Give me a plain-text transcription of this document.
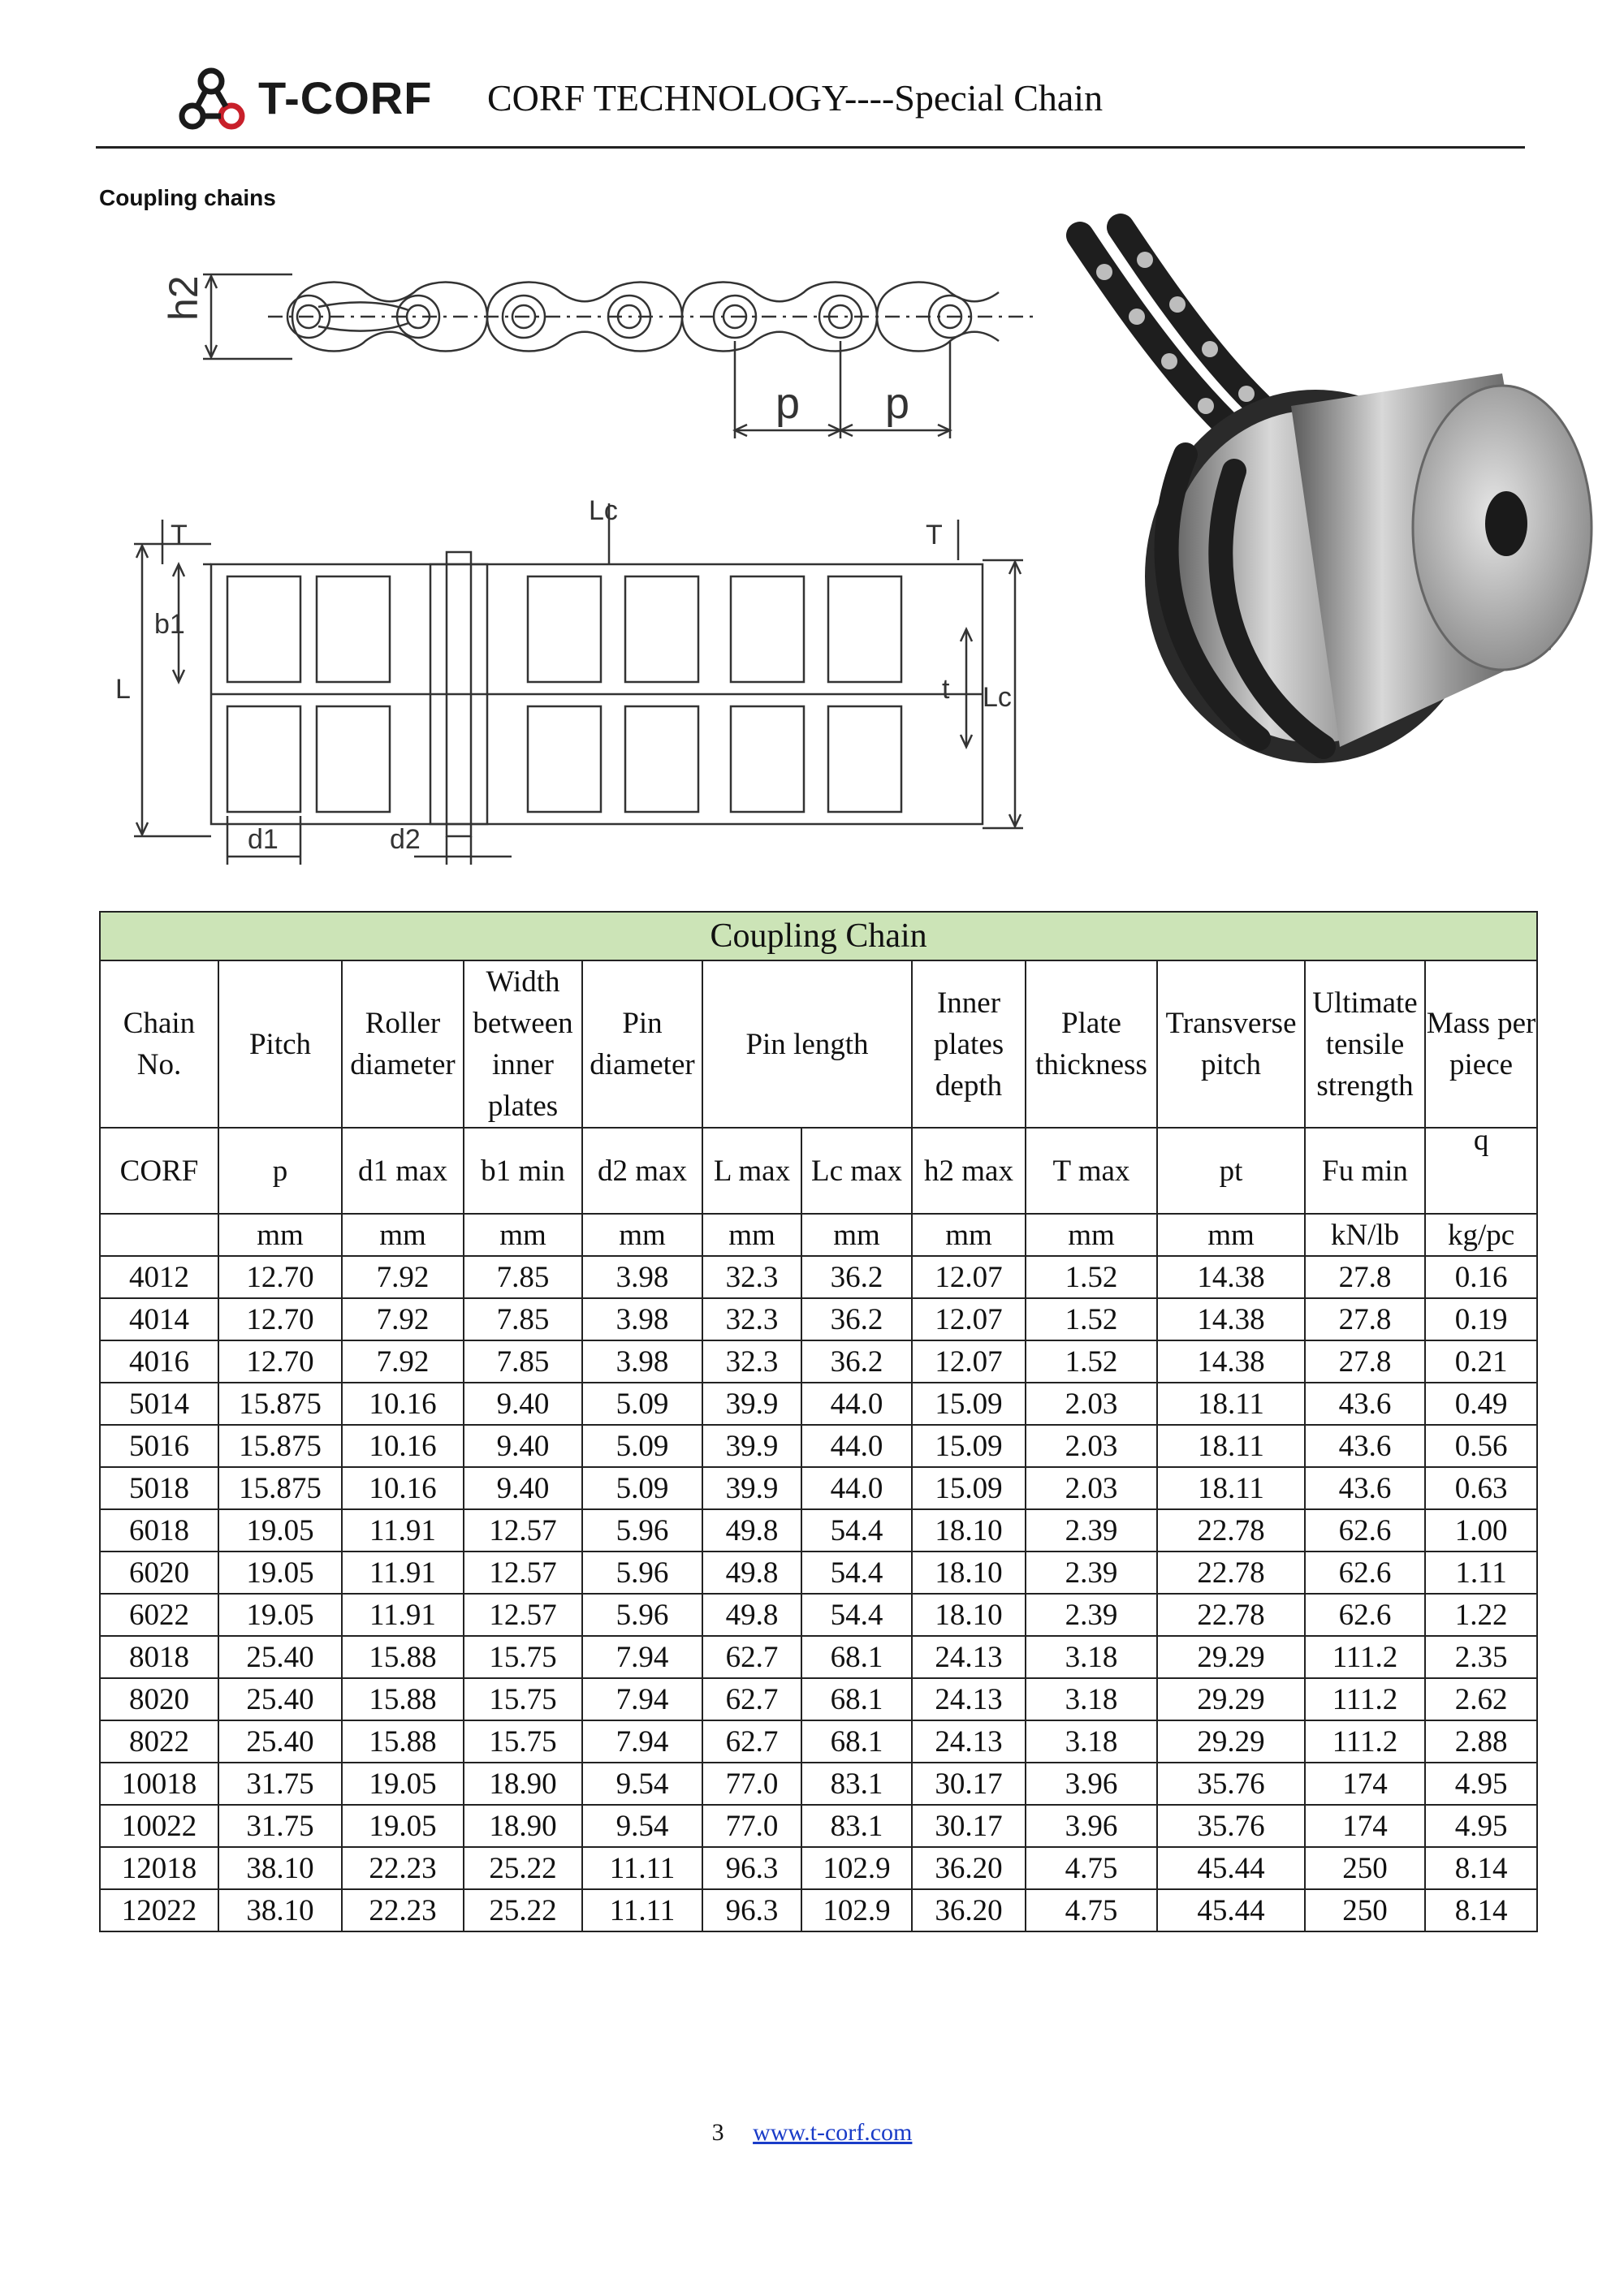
T-CORF CORF TECHNOLOGY----Special Chain
Coupling chains
h2
p p
T
b1
L
Lc
T
t Lc
d1	d2
Coupling Chain											
Chain No.	Pitch	Roller diameter	Width between inner plates	Pin diameter	Pin length		Inner plates depth	Plate thickness	Transverse pitch	Ultimate tensile strength	Mass per piece
CORF	p	d1 max	b1 min	d2 max	L max	Lc max	h2 max	T max	pt	Fu min	q
	mm	mm	mm	mm	mm	mm	mm	mm	mm	kN/lb	kg/pc
4012	12.70	7.92	7.85	3.98	32.3	36.2	12.07	1.52	14.38	27.8	0.16
4014	12.70	7.92	7.85	3.98	32.3	36.2	12.07	1.52	14.38	27.8	0.19
4016	12.70	7.92	7.85	3.98	32.3	36.2	12.07	1.52	14.38	27.8	0.21
5014	15.875	10.16	9.40	5.09	39.9	44.0	15.09	2.03	18.11	43.6	0.49
5016	15.875	10.16	9.40	5.09	39.9	44.0	15.09	2.03	18.11	43.6	0.56
5018	15.875	10.16	9.40	5.09	39.9	44.0	15.09	2.03	18.11	43.6	0.63
6018	19.05	11.91	12.57	5.96	49.8	54.4	18.10	2.39	22.78	62.6	1.00
6020	19.05	11.91	12.57	5.96	49.8	54.4	18.10	2.39	22.78	62.6	1.11
6022	19.05	11.91	12.57	5.96	49.8	54.4	18.10	2.39	22.78	62.6	1.22
8018	25.40	15.88	15.75	7.94	62.7	68.1	24.13	3.18	29.29	111.2	2.35
8020	25.40	15.88	15.75	7.94	62.7	68.1	24.13	3.18	29.29	111.2	2.62
8022	25.40	15.88	15.75	7.94	62.7	68.1	24.13	3.18	29.29	111.2	2.88
10018	31.75	19.05	18.90	9.54	77.0	83.1	30.17	3.96	35.76	174	4.95
10022	31.75	19.05	18.90	9.54	77.0	83.1	30.17	3.96	35.76	174	4.95
12018	38.10	22.23	25.22	11.11	96.3	102.9	36.20	4.75	45.44	250	8.14
12022	38.10	22.23	25.22	11.11	96.3	102.9	36.20	4.75	45.44	250	8.14
3 www.t-corf.com
